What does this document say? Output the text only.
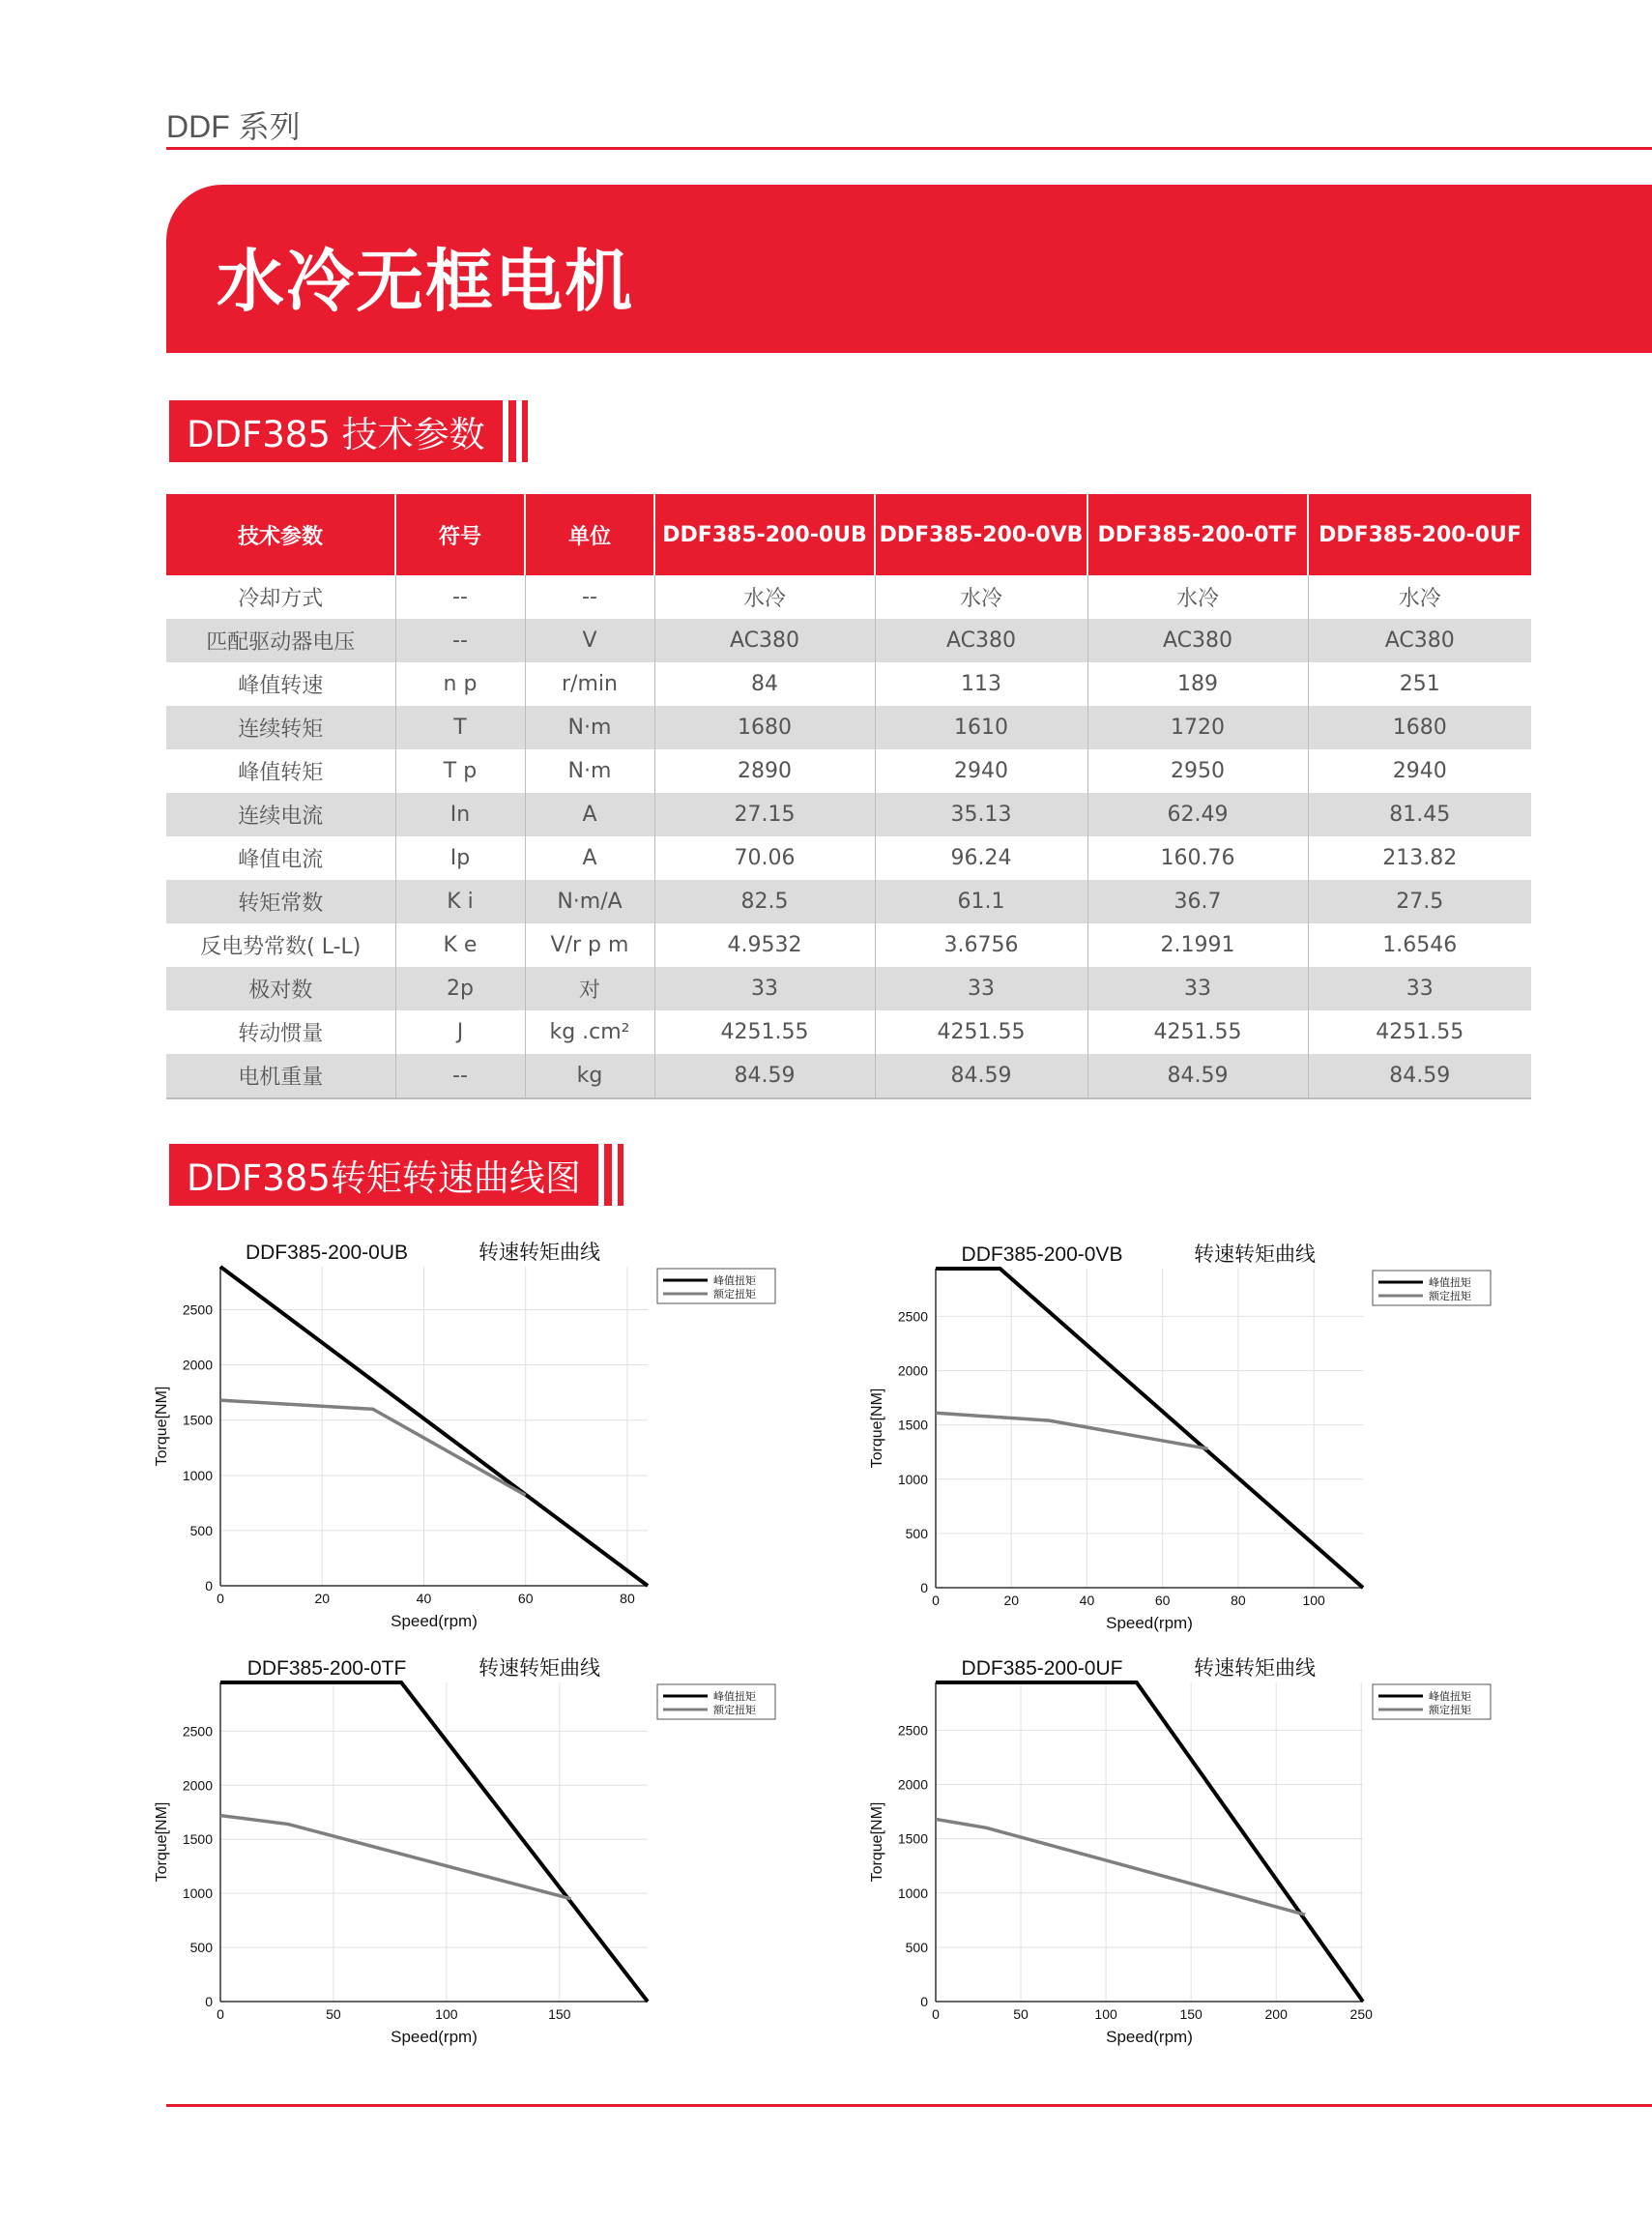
DDF 系列
水冷无框电机
DDF385 技术参数
技术参数	符号	单位	DDF385-200-0UB	DDF385-200-0VB	DDF385-200-0TF	DDF385-200-0UF
冷却方式	--	--	水冷	水冷	水冷	水冷
匹配驱动器电压	--	V	AC380	AC380	AC380	AC380
峰值转速	n p	r/min	84	113	189	251
连续转矩	T	N·m	1680	1610	1720	1680
峰值转矩	T p	N·m	2890	2940	2950	2940
连续电流	In	A	27.15	35.13	62.49	81.45
峰值电流	Ip	A	70.06	96.24	160.76	213.82
转矩常数	K i	N·m/A	82.5	61.1	36.7	27.5
反电势常数( L-L)	K e	V/r p m	4.9532	3.6756	2.1991	1.6546
极对数	2p	对	33	33	33	33
转动惯量	J	kg .cm²	4251.55	4251.55	4251.55	4251.55
电机重量	--	kg	84.59	84.59	84.59	84.59
DDF385转矩转速曲线图
0	20	40	60	80
0
500
1000
1500
2000
2500
Speed(rpm)
Torque[NM]
DDF385-200-0UB	转速转矩曲线
峰值扭矩
额定扭矩
0	20	40	60	80	100
0
500
1000
1500
2000
2500
Speed(rpm)
Torque[NM]
DDF385-200-0VB	转速转矩曲线
峰值扭矩
额定扭矩
0	50	100	150
0
500
1000
1500
2000
2500
Speed(rpm)
Torque[NM]
DDF385-200-0TF	转速转矩曲线
峰值扭矩
额定扭矩
0	50	100	150	200	250
0
500
1000
1500
2000
2500
Speed(rpm)
Torque[NM]
DDF385-200-0UF	转速转矩曲线
峰值扭矩
额定扭矩
